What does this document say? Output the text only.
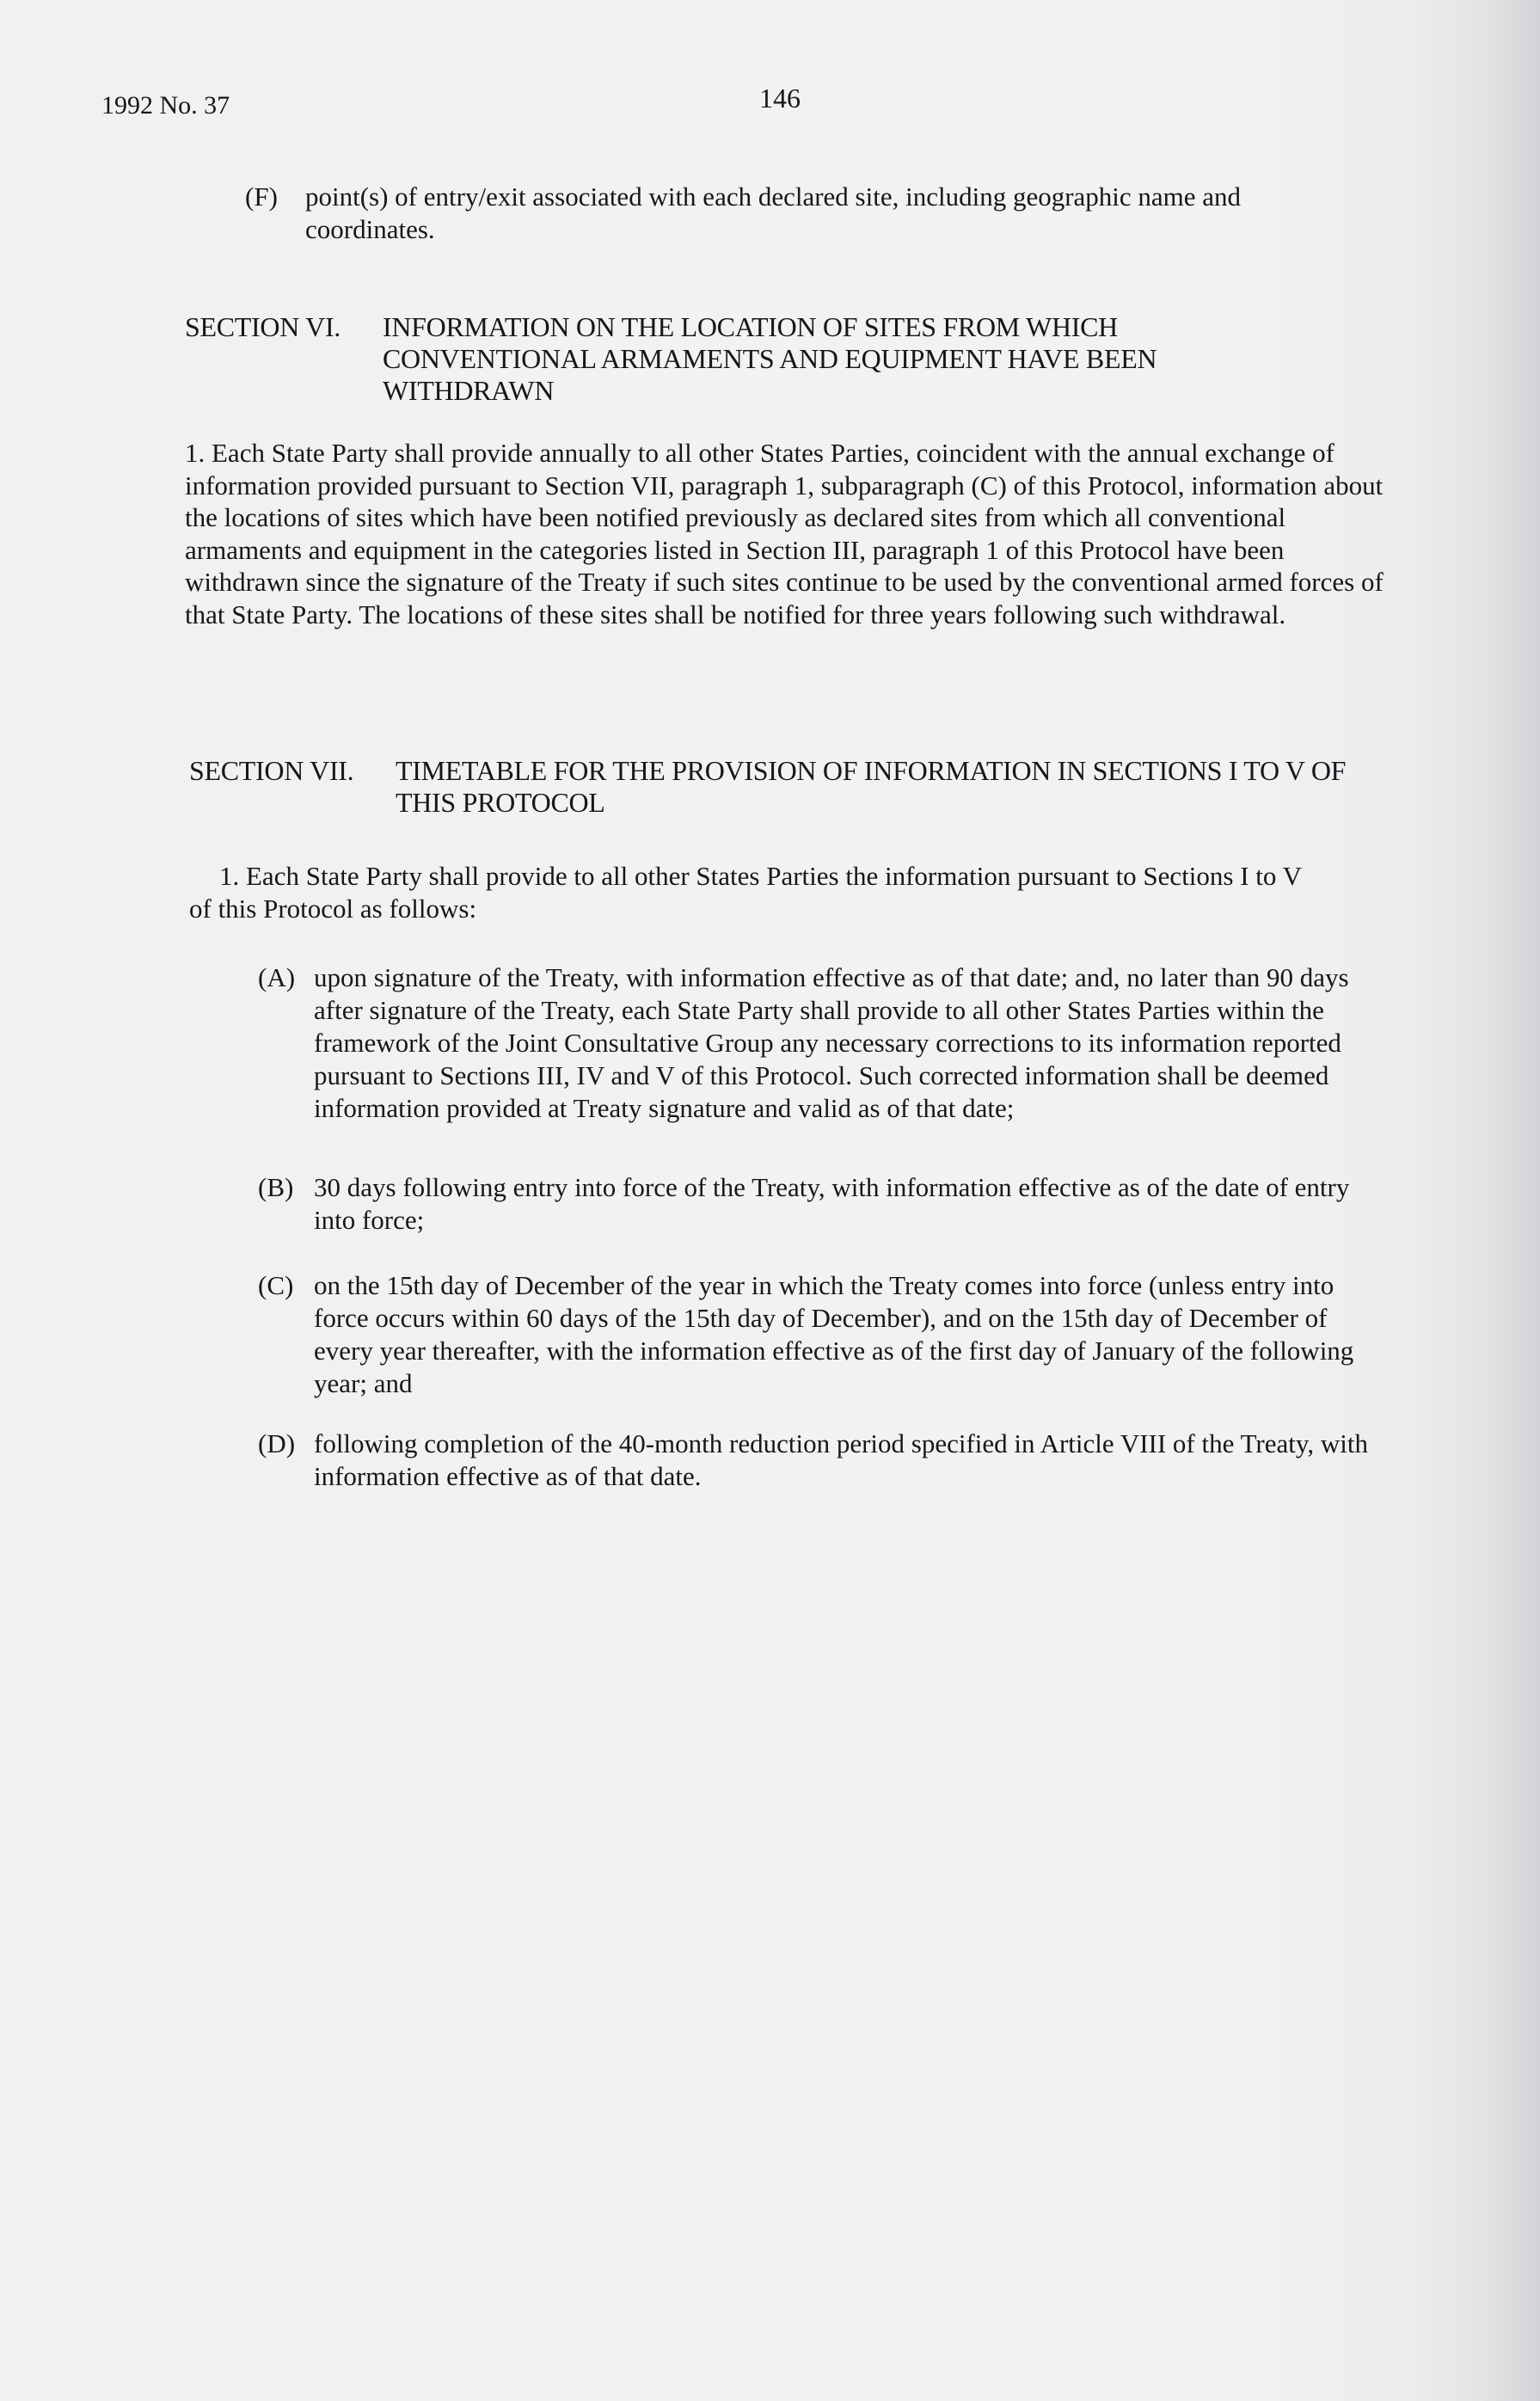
1992 No. 37	146
(F) point(s) of entry/exit associated with each declared site, including geographic name and coordinates.
SECTION VI. INFORMATION ON THE LOCATION OF SITES FROM WHICH CONVENTIONAL ARMAMENTS AND EQUIPMENT HAVE BEEN WITHDRAWN
1. Each State Party shall provide annually to all other States Parties, coincident with the annual exchange of information provided pursuant to Section VII, paragraph 1, subparagraph (C) of this Protocol, information about the locations of sites which have been notified previously as declared sites from which all conventional armaments and equipment in the categories listed in Section III, paragraph 1 of this Protocol have been withdrawn since the signature of the Treaty if such sites continue to be used by the conventional armed forces of that State Party. The locations of these sites shall be notified for three years following such withdrawal.
SECTION VII. TIMETABLE FOR THE PROVISION OF INFORMATION IN SECTIONS I TO V OF THIS PROTOCOL
1. Each State Party shall provide to all other States Parties the information pursuant to Sections I to V of this Protocol as follows:
(A) upon signature of the Treaty, with information effective as of that date; and, no later than 90 days after signature of the Treaty, each State Party shall provide to all other States Parties within the framework of the Joint Consultative Group any necessary corrections to its information reported pursuant to Sections III, IV and V of this Protocol. Such corrected information shall be deemed information provided at Treaty signature and valid as of that date;
(B) 30 days following entry into force of the Treaty, with information effective as of the date of entry into force;
(C) on the 15th day of December of the year in which the Treaty comes into force (unless entry into force occurs within 60 days of the 15th day of December), and on the 15th day of December of every year thereafter, with the information effective as of the first day of January of the following year; and
(D) following completion of the 40-month reduction period specified in Article VIII of the Treaty, with information effective as of that date.
